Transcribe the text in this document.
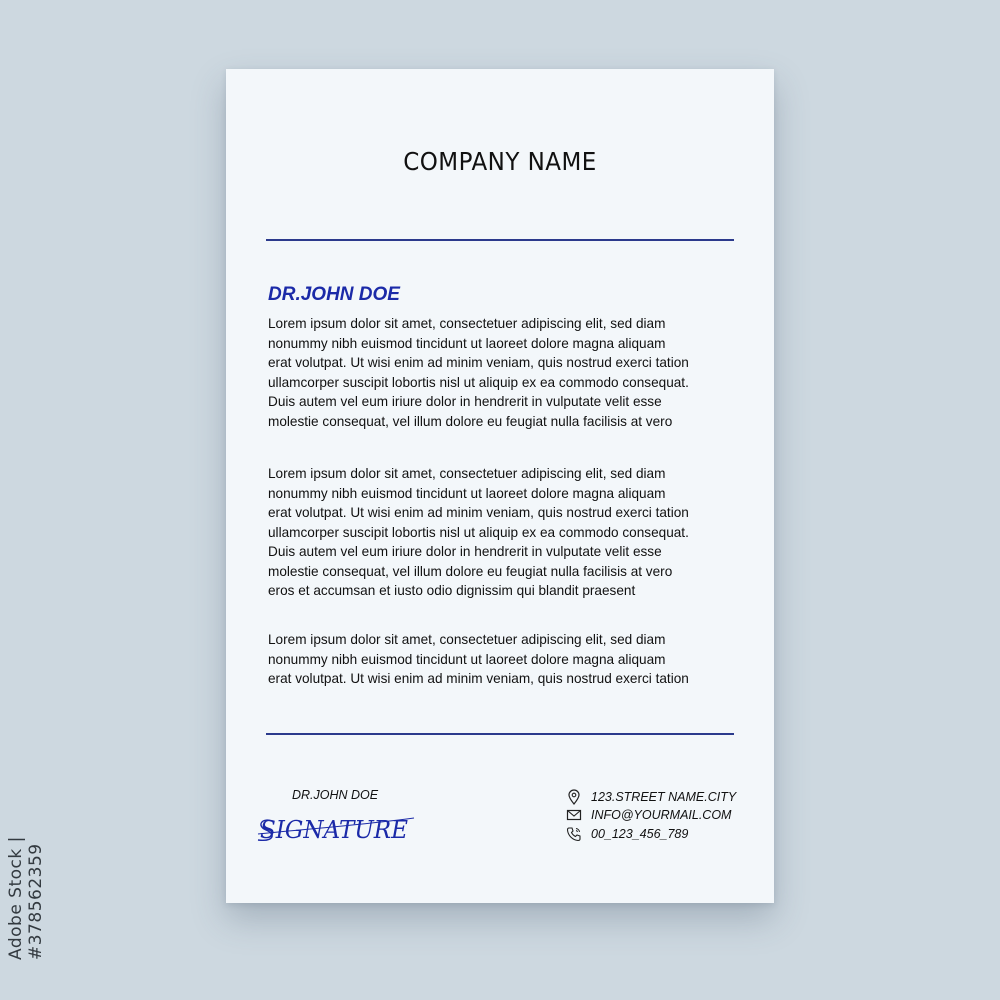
Adobe Stock | #378562359
COMPANY NAME
DR.JOHN DOE
Lorem ipsum dolor sit amet, consectetuer adipiscing elit, sed diam
nonummy nibh euismod tincidunt ut laoreet dolore magna aliquam
erat volutpat. Ut wisi enim ad minim veniam, quis nostrud exerci tation
ullamcorper suscipit lobortis nisl ut aliquip ex ea commodo consequat.
Duis autem vel eum iriure dolor in hendrerit in vulputate velit esse
molestie consequat, vel illum dolore eu feugiat nulla facilisis at vero
Lorem ipsum dolor sit amet, consectetuer adipiscing elit, sed diam
nonummy nibh euismod tincidunt ut laoreet dolore magna aliquam
erat volutpat. Ut wisi enim ad minim veniam, quis nostrud exerci tation
ullamcorper suscipit lobortis nisl ut aliquip ex ea commodo consequat.
Duis autem vel eum iriure dolor in hendrerit in vulputate velit esse
molestie consequat, vel illum dolore eu feugiat nulla facilisis at vero
eros et accumsan et iusto odio dignissim qui blandit praesent
Lorem ipsum dolor sit amet, consectetuer adipiscing elit, sed diam
nonummy nibh euismod tincidunt ut laoreet dolore magna aliquam
erat volutpat. Ut wisi enim ad minim veniam, quis nostrud exerci tation
DR.JOHN DOE
SIGNATURE
123.STREET NAME.CITY
INFO@YOURMAIL.COM
00_123_456_789
